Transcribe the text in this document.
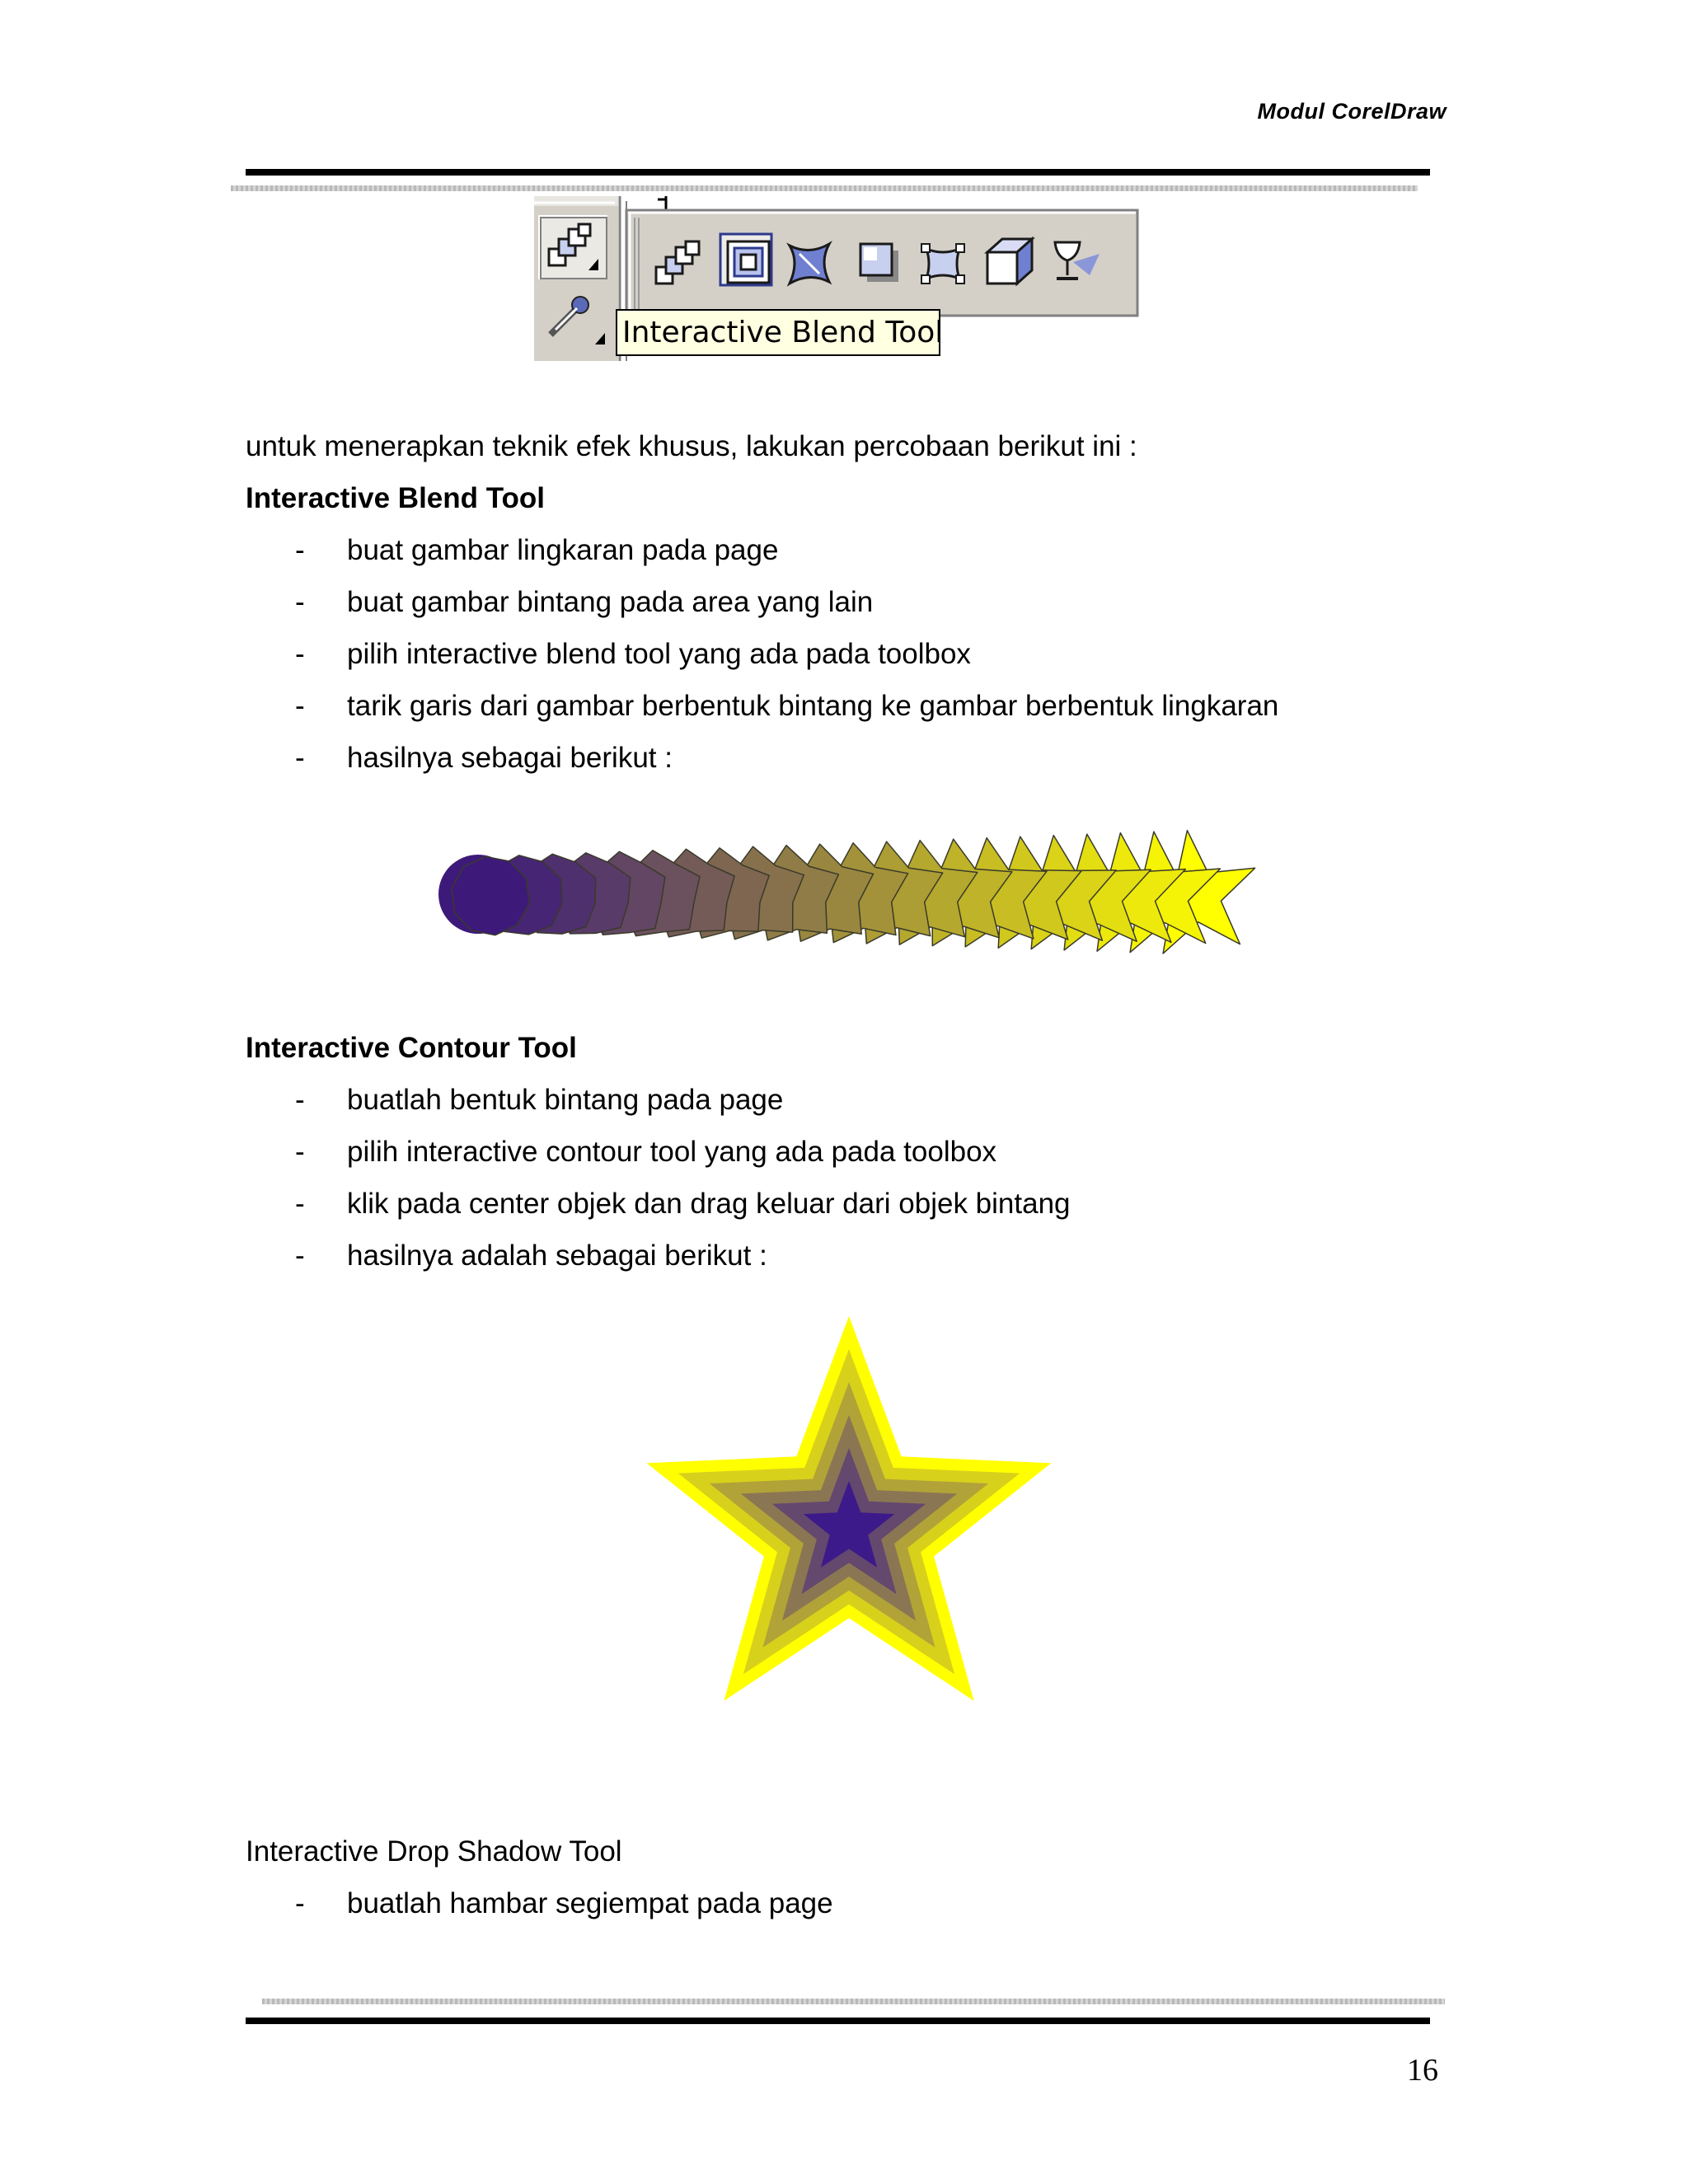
Modul CorelDraw
Interactive Blend Tool
untuk menerapkan teknik efek khusus, lakukan percobaan berikut ini :
Interactive Blend Tool
- buat gambar lingkaran pada page
- buat gambar bintang pada area yang lain
- pilih interactive blend tool yang ada pada toolbox
- tarik garis dari gambar berbentuk bintang ke gambar berbentuk lingkaran
- hasilnya sebagai berikut :
Interactive Contour Tool
- buatlah bentuk bintang pada page
- pilih interactive contour tool yang ada pada toolbox
- klik pada center objek dan drag keluar dari objek bintang
- hasilnya adalah sebagai berikut :
Interactive Drop Shadow Tool
- buatlah hambar segiempat pada page
16
